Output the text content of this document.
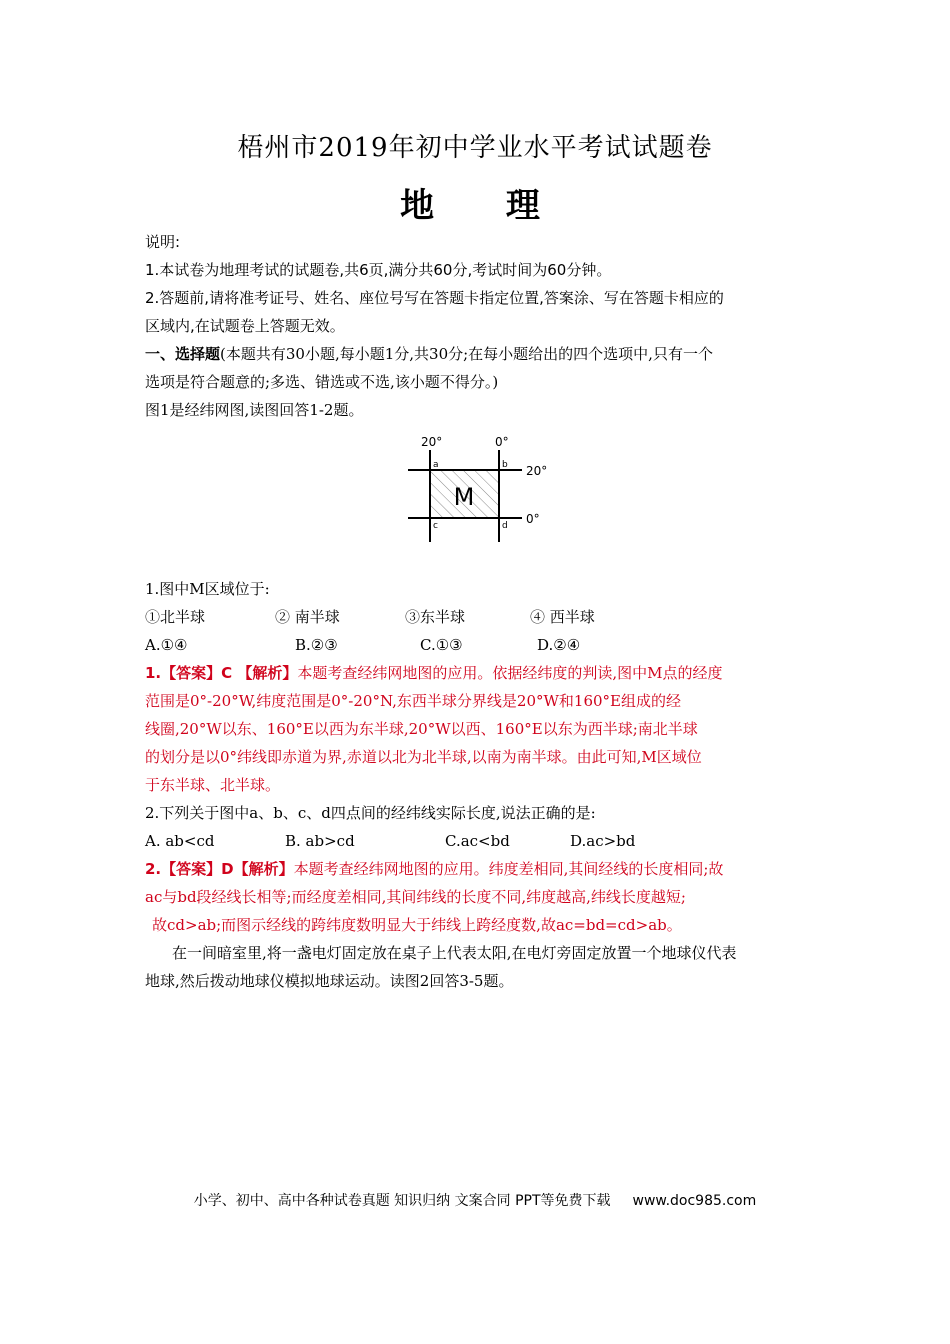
梧州市2019年初中学业水平考试试题卷
地 理
说明:
1.本试卷为地理考试的试题卷,共6页,满分共60分,考试时间为60分钟。
2.答题前,请将准考证号、姓名、座位号写在答题卡指定位置,答案涂、写在答题卡相应的
区域内,在试题卷上答题无效。
一、选择题(本题共有30小题,每小题1分,共30分;在每小题给出的四个选项中,只有一个
选项是符合题意的;多选、错选或不选,该小题不得分。)
图1是经纬网图,读图回答1-2题。
20°	0°
20°
0°
a	b
c	d
M
1.图中M区域位于:
①北半球	② 南半球	③东半球	④ 西半球
A.①④	B.②③	C.①③	D.②④
1.【答案】C 【解析】本题考查经纬网地图的应用。依据经纬度的判读,图中M点的经度
范围是0°-20°W,纬度范围是0°-20°N,东西半球分界线是20°W和160°E组成的经
线圈,20°W以东、160°E以西为东半球,20°W以西、160°E以东为西半球;南北半球
的划分是以0°纬线即赤道为界,赤道以北为北半球,以南为南半球。由此可知,M区域位
于东半球、北半球。
2.下列关于图中a、b、c、d四点间的经纬线实际长度,说法正确的是:
A. ab<cd	B. ab>cd	C.ac<bd	D.ac>bd
2.【答案】D【解析】本题考查经纬网地图的应用。纬度差相同,其间经线的长度相同;故
ac与bd段经线长相等;而经度差相同,其间纬线的长度不同,纬度越高,纬线长度越短;
故cd>ab;而图示经线的跨纬度数明显大于纬线上跨经度数,故ac=bd=cd>ab。
在一间暗室里,将一盏电灯固定放在桌子上代表太阳,在电灯旁固定放置一个地球仪代表
地球,然后拨动地球仪模拟地球运动。读图2回答3-5题。
小学、初中、高中各种试卷真题 知识归纳 文案合同 PPT等免费下载 www.doc985.com
